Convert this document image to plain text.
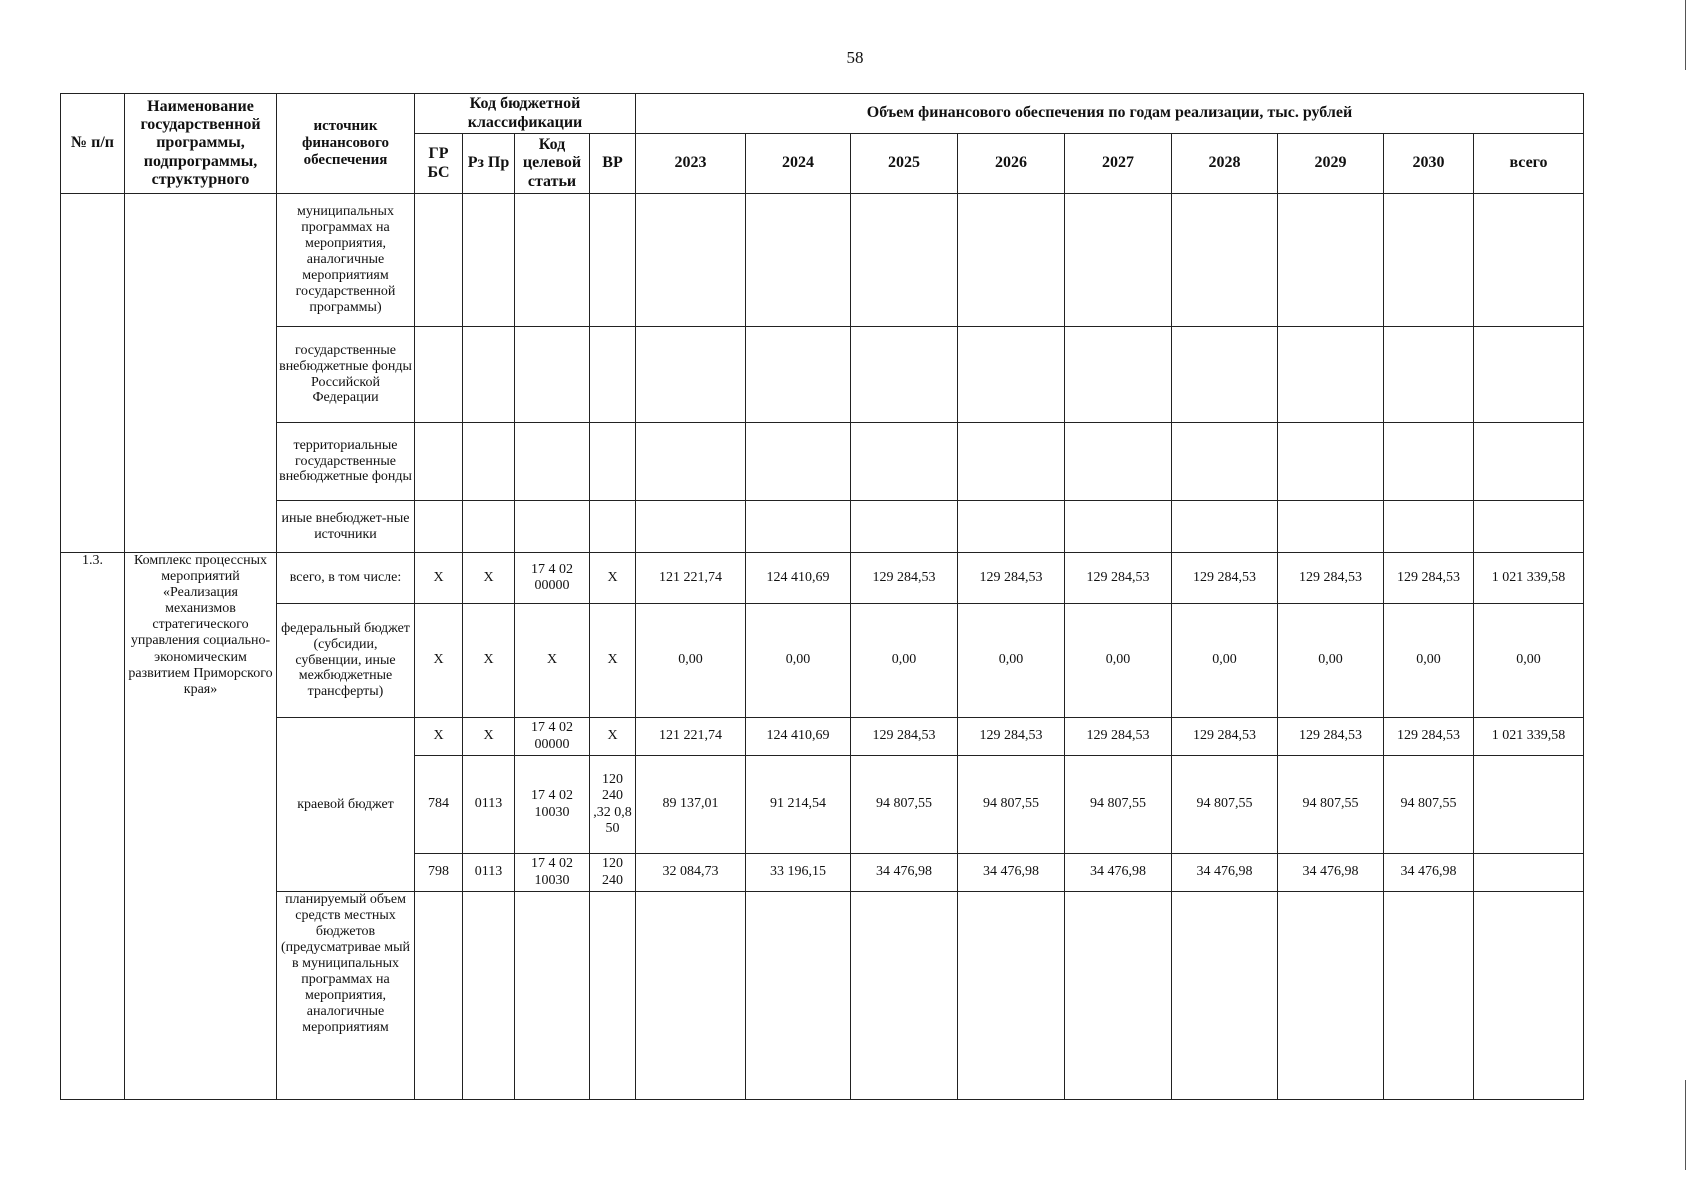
58
№ п/п	Наименование государственной программы, подпрограммы, структурного	источник финансового обеспечения	Код бюджетной классификации				Объем финансового обеспечения по годам реализации, тыс. рублей								
			ГР БС	Рз Пр	Код целевой статьи	ВР	2023	2024	2025	2026	2027	2028	2029	2030	всего
		муниципальных программах на мероприятия, аналогичные мероприятиям государственной программы)													
		государственные внебюджетные фонды Российской Федерации													
		территориальные государственные внебюджетные фонды													
		иные внебюджет-ные источники													
1.3.	Комплекс процессных мероприятий «Реализация механизмов стратегического управления социально-экономическим развитием Приморского края»	всего, в том числе:	X	X	17 4 02 00000	X	121 221,74	124 410,69	129 284,53	129 284,53	129 284,53	129 284,53	129 284,53	129 284,53	1 021 339,58
		федеральный бюджет (субсидии, субвенции, иные межбюджетные трансферты)	X	X	X	X	0,00	0,00	0,00	0,00	0,00	0,00	0,00	0,00	0,00
		краевой бюджет	X	X	17 4 02 00000	X	121 221,74	124 410,69	129 284,53	129 284,53	129 284,53	129 284,53	129 284,53	129 284,53	1 021 339,58
			784	0113	17 4 02 10030	120 240 ,32 0,8 50	89 137,01	91 214,54	94 807,55	94 807,55	94 807,55	94 807,55	94 807,55	94 807,55	
			798	0113	17 4 02 10030	120 240	32 084,73	33 196,15	34 476,98	34 476,98	34 476,98	34 476,98	34 476,98	34 476,98	
		планируемый объем средств местных бюджетов (предусматривае мый в муниципальных программах на мероприятия, аналогичные мероприятиям													
